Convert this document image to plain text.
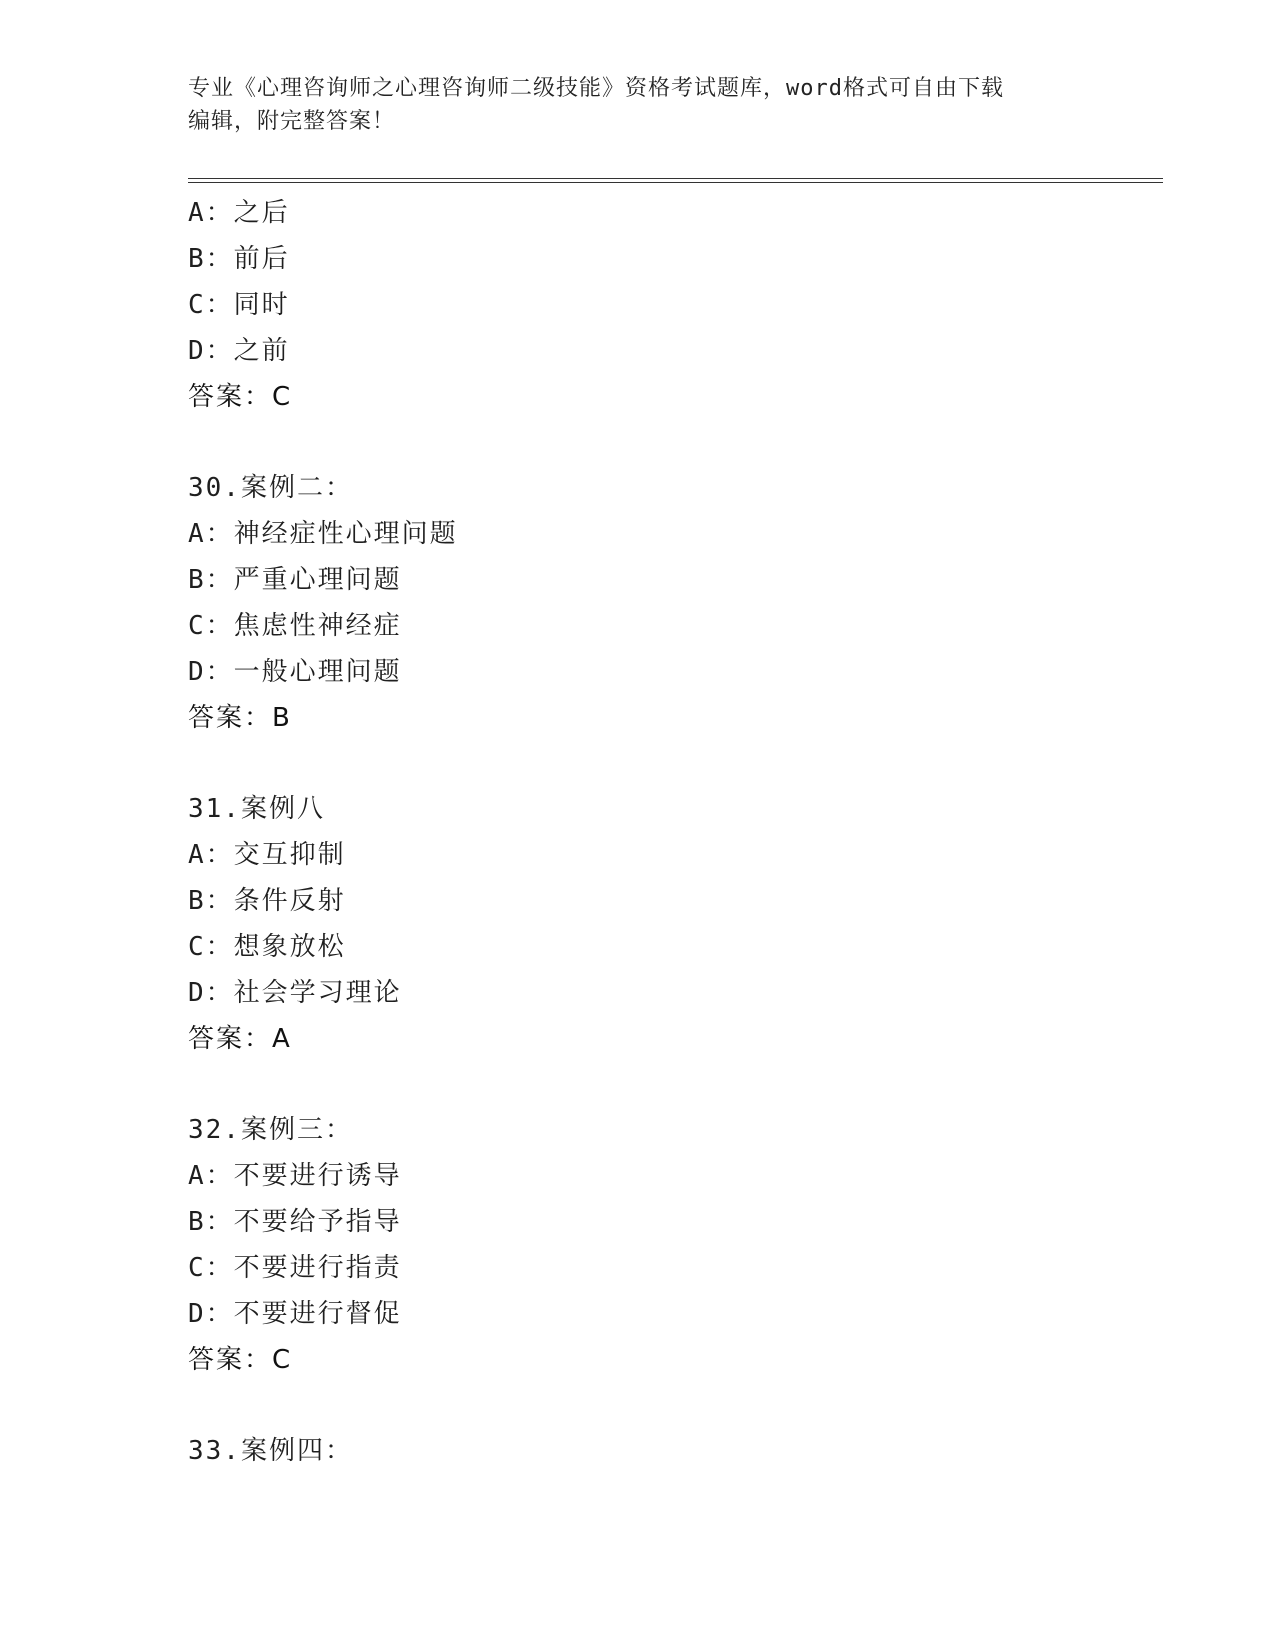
专业《心理咨询师之心理咨询师二级技能》资格考试题库，word格式可自由下载
编辑，附完整答案！
A：之后
B：前后
C：同时
D：之前
答案：C
30.案例二：
A：神经症性心理问题
B：严重心理问题
C：焦虑性神经症
D：一般心理问题
答案：B
31.案例八
A：交互抑制
B：条件反射
C：想象放松
D：社会学习理论
答案：A
32.案例三：
A：不要进行诱导
B：不要给予指导
C：不要进行指责
D：不要进行督促
答案：C
33.案例四：
